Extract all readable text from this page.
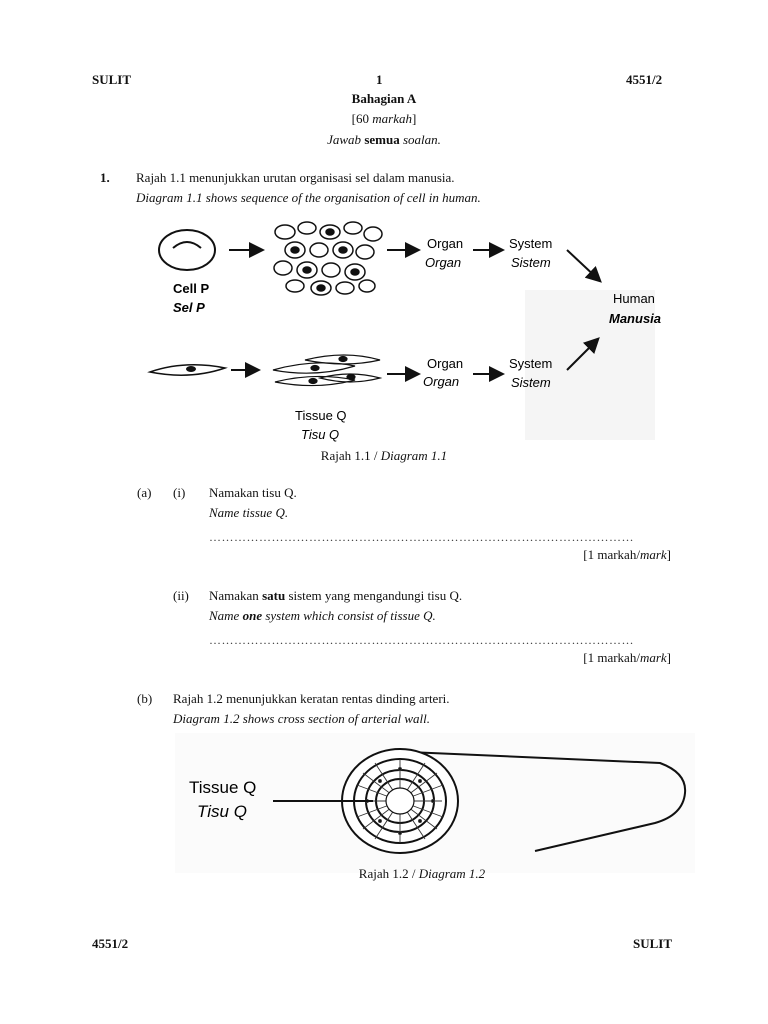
SULIT	1	4551/2
Bahagian A
[60 markah]
Jawab semua soalan.
1. Rajah 1.1 menunjukkan urutan organisasi sel dalam manusia.
Diagram 1.1 shows sequence of the organisation of cell in human.
Organ
Organ
System
Sistem
Cell P
Sel P
Human
Manusia
Organ
Organ
System
Sistem
Tissue Q
Tisu Q
Rajah 1.1 / Diagram 1.1
(a) (i) Namakan tisu Q.
Name tissue Q.
…………………………………………………………………………………………
[1 markah/mark]
(ii) Namakan satu sistem yang mengandungi tisu Q.
Name one system which consist of tissue Q.
…………………………………………………………………………………………
[1 markah/mark]
(b) Rajah 1.2 menunjukkan keratan rentas dinding arteri.
Diagram 1.2 shows cross section of arterial wall.
Tissue Q
Tisu Q
Rajah 1.2 / Diagram 1.2
4551/2	SULIT
